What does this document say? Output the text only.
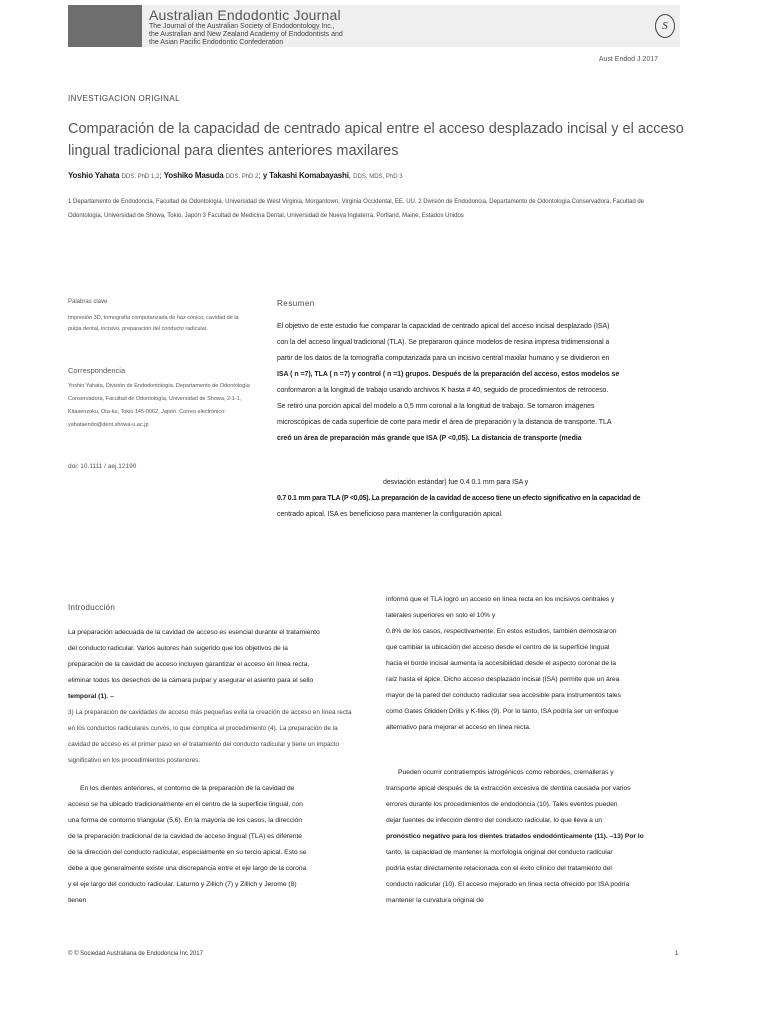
Australian Endodontic Journal
The Journal of the Australian Society of Endodontology Inc.,
the Australian and New Zealand Academy of Endodontists and
the Asian Pacific Endodontic Confederation
S
Aust Endod J 2017
INVESTIGACION ORIGINAL
Comparación de la capacidad de centrado apical entre el acceso desplazado incisal y el acceso lingual tradicional para dientes anteriores maxilares
Yoshio Yahata DDS, PhD 1,2; Yoshiko Masuda DDS, PhD 2; y Takashi Komabayashi, DDS, MDS, PhD 3
1 Departamento de Endodoncia, Facultad de Odontología, Universidad de West Virginia, Morgantown, Virginia Occidental, EE. UU. 2 División de Endodoncia, Departamento de Odontología Conservadora, Facultad de Odontología, Universidad de Showa, Tokio, Japón 3 Facultad de Medicina Dental, Universidad de Nueva Inglaterra, Portland, Maine, Estados Unidos
Palabras clave
Impresión 3D, tomografía computarizada de haz cónico, cavidad de la pulpa dental, incisivo, preparación del conducto radicular.
Correspondencia
Yoshio Yahata, División de Endodontología, Departamento de Odontología Conservadora, Facultad de Odontología, Universidad de Showa, 2-1-1, Kitasenzoku, Ota-ku, Tokio 145-0062, Japón. Correo electrónico: yahataendo@dent.showa-u.ac.jp
doi: 10.1111 / aej.12190
Resumen
El objetivo de este estudio fue comparar la capacidad de centrado apical del acceso incisal desplazado (ISA)
con la del acceso lingual tradicional (TLA). Se prepararon quince modelos de resina impresa tridimensional a
partir de los datos de la tomografía computarizada para un incisivo central maxilar humano y se dividieron en
ISA ( n =7), TLA ( n =7) y control ( n =1) grupos. Después de la preparación del acceso, estos modelos se
conformaron a la longitud de trabajo usando archivos K hasta # 40, seguido de procedimientos de retroceso.
Se retiró una porción apical del modelo a 0,5 mm coronal a la longitud de trabajo. Se tomaron imágenes
microscópicas de cada superficie de corte para medir el área de preparación y la distancia de transporte. TLA
creó un área de preparación más grande que ISA (P <0,05). La distancia de transporte (media
desviación estándar) fue 0.4 0.1 mm para ISA y
0.7 0.1 mm para TLA (P <0,05). La preparación de la cavidad de acceso tiene un efecto significativo en la capacidad de
centrado apical. ISA es beneficioso para mantener la configuración apical.
Introducción
La preparación adecuada de la cavidad de acceso es esencial durante el tratamiento
del conducto radicular. Varios autores han sugerido que los objetivos de la
preparación de la cavidad de acceso incluyen garantizar el acceso en línea recta,
eliminar todos los desechos de la cámara pulpar y asegurar el asiento para el sello
temporal (1). –
3) La preparación de cavidades de acceso más pequeñas evita la creación de acceso en línea recta en los conductos radiculares curvos, lo que complica el procedimiento (4). La preparación de la cavidad de acceso es el primer paso en el tratamiento del conducto radicular y tiene un impacto significativo en los procedimientos posteriores.
En los dientes anteriores, el contorno de la preparación de la cavidad de
acceso se ha ubicado tradicionalmente en el centro de la superficie lingual, con
una forma de contorno triangular (5,6). En la mayoría de los casos, la dirección
de la preparación tradicional de la cavidad de acceso lingual (TLA) es diferente
de la dirección del conducto radicular, especialmente en su tercio apical. Esto se
debe a que generalmente existe una discrepancia entre el eje largo de la corona
y el eje largo del conducto radicular. Laturno y Zillich (7) y Zillich y Jerome (8)
tienen
informó que el TLA logró un acceso en línea recta en los incisivos centrales y
laterales superiores en solo el 10% y
0.8% de los casos, respectivamente. En estos estudios, también demostraron
que cambiar la ubicación del acceso desde el centro de la superficie lingual
hacia el borde incisal aumenta la accesibilidad desde el aspecto coronal de la
raíz hasta el ápice. Dicho acceso desplazado incisal (ISA) permite que un área
mayor de la pared del conducto radicular sea accesible para instrumentos tales
como Gates Glidden Drills y K-files (9). Por lo tanto, ISA podría ser un enfoque
alternativo para mejorar el acceso en línea recta.
Pueden ocurrir contratiempos iatrogénicos como rebordes, cremalleras y
transporte apical después de la extracción excesiva de dentina causada por varios
errores durante los procedimientos de endodoncia (10). Tales eventos pueden
dejar fuentes de infección dentro del conducto radicular, lo que lleva a un
pronóstico negativo para los dientes tratados endodónticamente (11). –13) Por lo
tanto, la capacidad de mantener la morfología original del conducto radicular
podría estar directamente relacionada con el éxito clínico del tratamiento del
conducto radicular (10). El acceso mejorado en línea recta ofrecido por ISA podría
mantener la curvatura original de
© © Sociedad Australiana de Endodoncia Inc 2017	1
